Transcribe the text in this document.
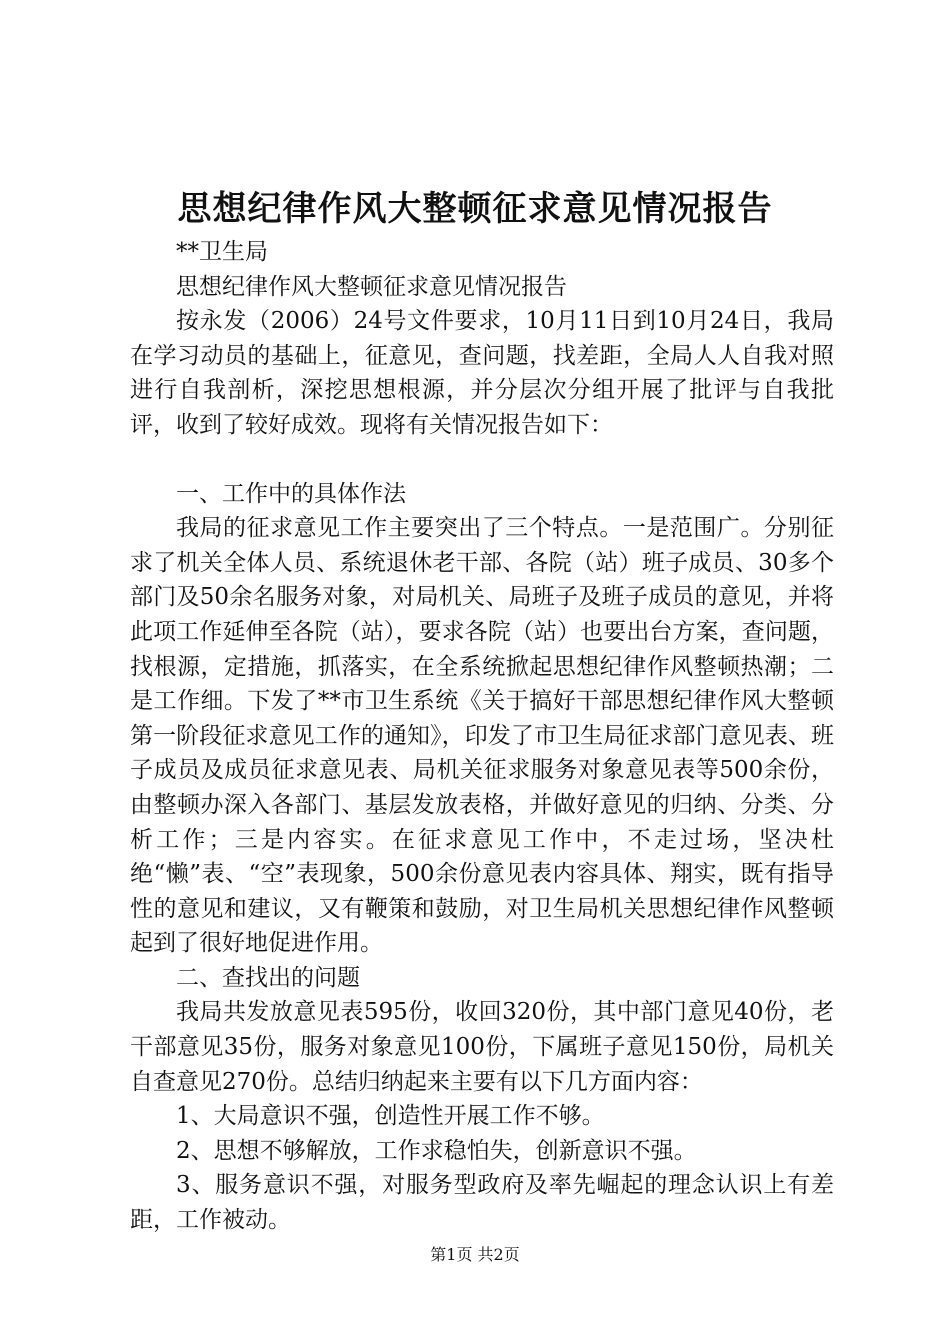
思想纪律作风大整顿征求意见情况报告

**卫生局

思想纪律作风大整顿征求意见情况报告

按永发（2006）24号文件要求，10月11日到10月24日，我局在学习动员的基础上，征意见，查问题，找差距，全局人人自我对照进行自我剖析，深挖思想根源，并分层次分组开展了批评与自我批评，收到了较好成效。现将有关情况报告如下：

一、工作中的具体作法

我局的征求意见工作主要突出了三个特点。一是范围广。分别征求了机关全体人员、系统退休老干部、各院（站）班子成员、30多个部门及50余名服务对象，对局机关、局班子及班子成员的意见，并将此项工作延伸至各院（站），要求各院（站）也要出台方案，查问题，找根源，定措施，抓落实，在全系统掀起思想纪律作风整顿热潮；二是工作细。下发了**市卫生系统《关于搞好干部思想纪律作风大整顿第一阶段征求意见工作的通知》，印发了市卫生局征求部门意见表、班子成员及成员征求意见表、局机关征求服务对象意见表等500余份，由整顿办深入各部门、基层发放表格，并做好意见的归纳、分类、分析工作；三是内容实。在征求意见工作中，不走过场，坚决杜绝“懒”表、“空”表现象，500余份意见表内容具体、翔实，既有指导性的意见和建议，又有鞭策和鼓励，对卫生局机关思想纪律作风整顿起到了很好地促进作用。

二、查找出的问题

我局共发放意见表595份，收回320份，其中部门意见40份，老干部意见35份，服务对象意见100份，下属班子意见150份，局机关自查意见270份。总结归纳起来主要有以下几方面内容：

1、大局意识不强，创造性开展工作不够。

2、思想不够解放，工作求稳怕失，创新意识不强。

3、服务意识不强，对服务型政府及率先崛起的理念认识上有差距，工作被动。

第1页 共2页
